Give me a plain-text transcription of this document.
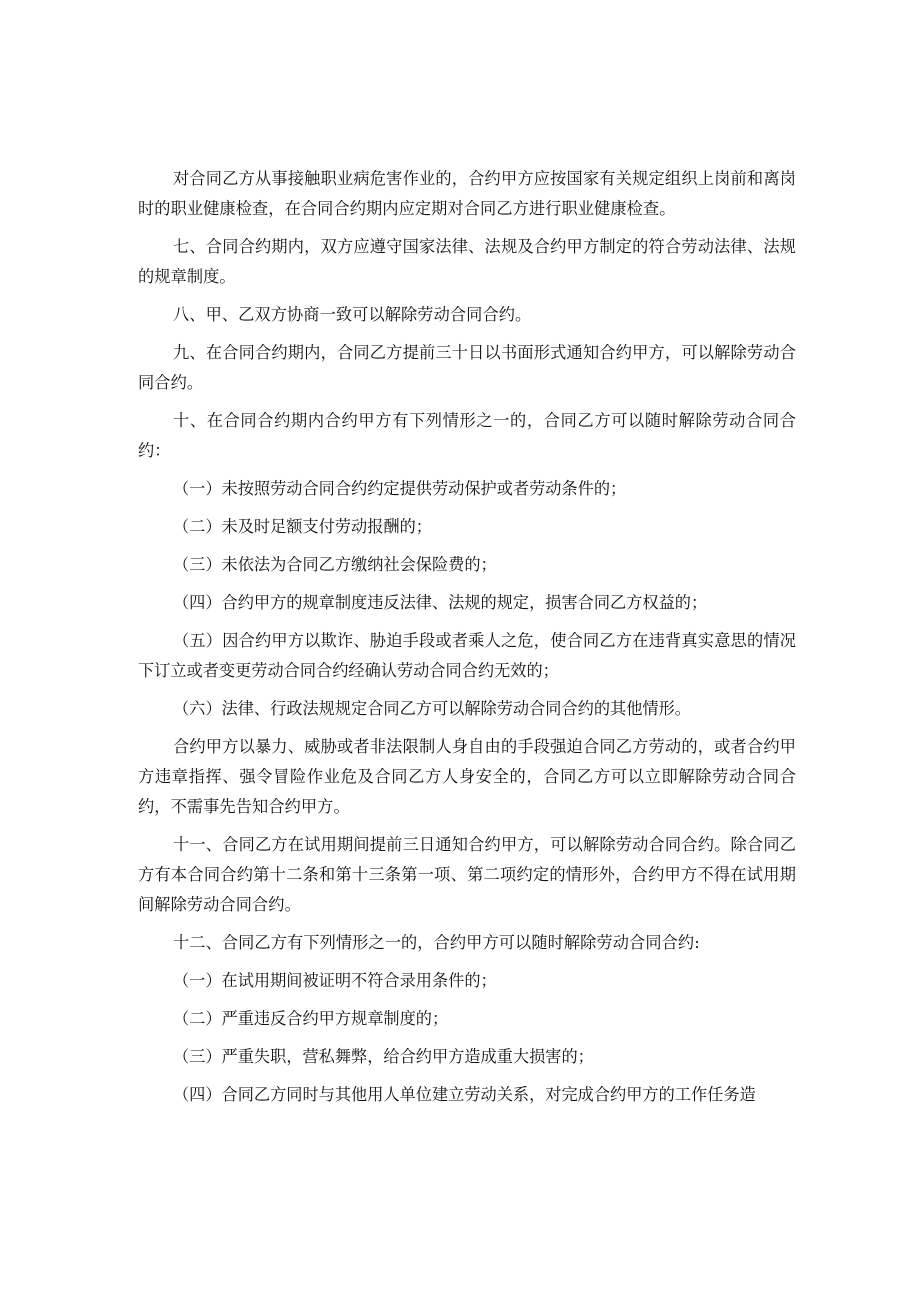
对合同乙方从事接触职业病危害作业的，合约甲方应按国家有关规定组织上岗前和离岗时的职业健康检查，在合同合约期内应定期对合同乙方进行职业健康检查。

七、合同合约期内，双方应遵守国家法律、法规及合约甲方制定的符合劳动法律、法规的规章制度。

八、甲、乙双方协商一致可以解除劳动合同合约。

九、在合同合约期内，合同乙方提前三十日以书面形式通知合约甲方，可以解除劳动合同合约。

十、在合同合约期内合约甲方有下列情形之一的，合同乙方可以随时解除劳动合同合约：

（一）未按照劳动合同合约约定提供劳动保护或者劳动条件的；

（二）未及时足额支付劳动报酬的；

（三）未依法为合同乙方缴纳社会保险费的；

（四）合约甲方的规章制度违反法律、法规的规定，损害合同乙方权益的；

（五）因合约甲方以欺诈、胁迫手段或者乘人之危，使合同乙方在违背真实意思的情况下订立或者变更劳动合同合约经确认劳动合同合约无效的；

（六）法律、行政法规规定合同乙方可以解除劳动合同合约的其他情形。

合约甲方以暴力、威胁或者非法限制人身自由的手段强迫合同乙方劳动的，或者合约甲方违章指挥、强令冒险作业危及合同乙方人身安全的，合同乙方可以立即解除劳动合同合约，不需事先告知合约甲方。

十一、合同乙方在试用期间提前三日通知合约甲方，可以解除劳动合同合约。除合同乙方有本合同合约第十二条和第十三条第一项、第二项约定的情形外，合约甲方不得在试用期间解除劳动合同合约。

十二、合同乙方有下列情形之一的，合约甲方可以随时解除劳动合同合约:

（一）在试用期间被证明不符合录用条件的；

（二）严重违反合约甲方规章制度的；

（三）严重失职，营私舞弊，给合约甲方造成重大损害的；

（四）合同乙方同时与其他用人单位建立劳动关系，对完成合约甲方的工作任务造
